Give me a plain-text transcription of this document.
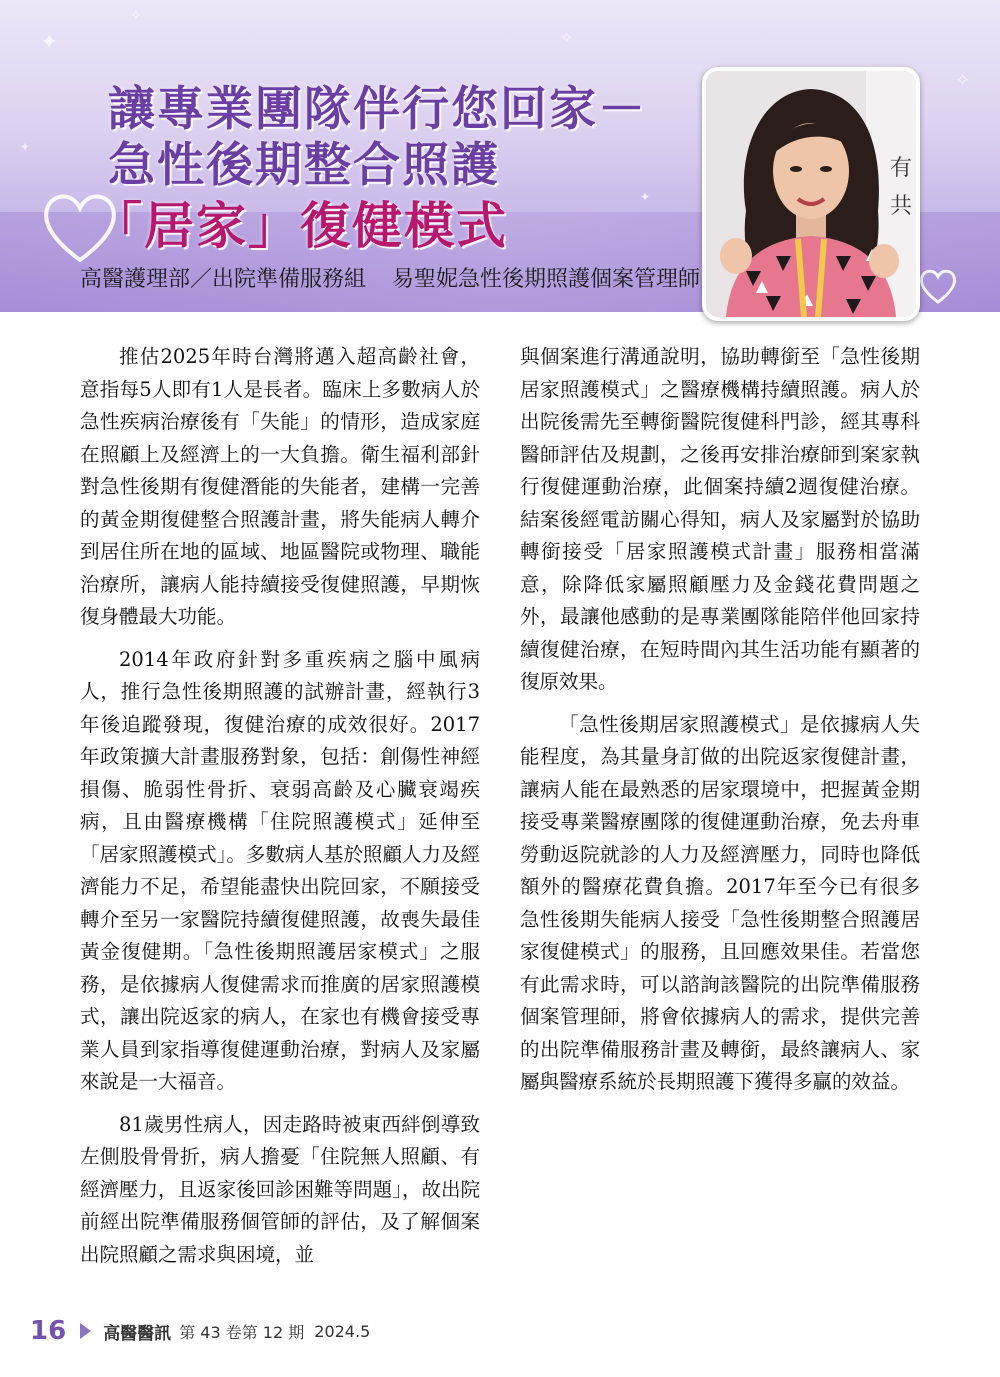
✦
✧
✦
✧
✦
✧
讓專業團隊伴行您回家－
急性後期整合照護
「居家」復健模式
高醫護理部／出院準備服務組 易聖妮急性後期照護個案管理師
有
共

推估2025年時台灣將邁入超高齡社會，意指每5人即有1人是長者。臨床上多數病人於急性疾病治療後有「失能」的情形，造成家庭在照顧上及經濟上的一大負擔。衛生福利部針對急性後期有復健潛能的失能者，建構一完善的黃金期復健整合照護計畫，將失能病人轉介到居住所在地的區域、地區醫院或物理、職能治療所，讓病人能持續接受復健照護，早期恢復身體最大功能。

2014年政府針對多重疾病之腦中風病人，推行急性後期照護的試辦計畫，經執行3年後追蹤發現，復健治療的成效很好。2017年政策擴大計畫服務對象，包括：創傷性神經損傷、脆弱性骨折、衰弱高齡及心臟衰竭疾病，且由醫療機構「住院照護模式」延伸至「居家照護模式」。多數病人基於照顧人力及經濟能力不足，希望能盡快出院回家，不願接受轉介至另一家醫院持續復健照護，故喪失最佳黃金復健期。「急性後期照護居家模式」之服務，是依據病人復健需求而推廣的居家照護模式，讓出院返家的病人，在家也有機會接受專業人員到家指導復健運動治療，對病人及家屬來說是一大福音。

81歲男性病人，因走路時被東西絆倒導致左側股骨骨折，病人擔憂「住院無人照顧、有經濟壓力，且返家後回診困難等問題」，故出院前經出院準備服務個管師的評估，及了解個案出院照顧之需求與困境，並

與個案進行溝通說明，協助轉銜至「急性後期居家照護模式」之醫療機構持續照護。病人於出院後需先至轉銜醫院復健科門診，經其專科醫師評估及規劃，之後再安排治療師到案家執行復健運動治療，此個案持續2週復健治療。結案後經電訪關心得知，病人及家屬對於協助轉銜接受「居家照護模式計畫」服務相當滿意，除降低家屬照顧壓力及金錢花費問題之外，最讓他感動的是專業團隊能陪伴他回家持續復健治療，在短時間內其生活功能有顯著的復原效果。

「急性後期居家照護模式」是依據病人失能程度，為其量身訂做的出院返家復健計畫，讓病人能在最熟悉的居家環境中，把握黃金期接受專業醫療團隊的復健運動治療，免去舟車勞動返院就診的人力及經濟壓力，同時也降低額外的醫療花費負擔。2017年至今已有很多急性後期失能病人接受「急性後期整合照護居家復健模式」的服務，且回應效果佳。若當您有此需求時，可以諮詢該醫院的出院準備服務個案管理師，將會依據病人的需求，提供完善的出院準備服務計畫及轉銜，最終讓病人、家屬與醫療系統於長期照護下獲得多贏的效益。

16 高醫醫訊 第 43 卷第 12 期 2024.5
